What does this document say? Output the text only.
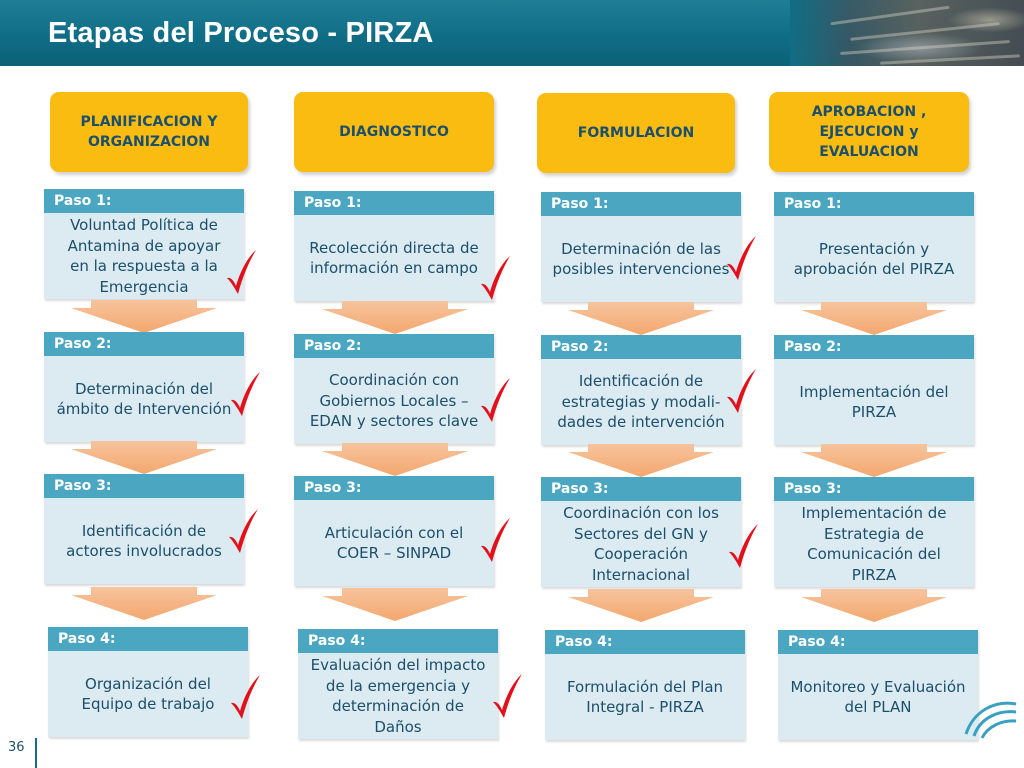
Etapas del Proceso - PIRZA
PLANIFICACION Y
ORGANIZACION
DIAGNOSTICO	FORMULACION
APROBACION ,
EJECUCION y
EVALUACION
Paso 1:
Voluntad Política de
Antamina de apoyar
en la respuesta a la
Emergencia
Paso 2:
Determinación del
ámbito de Intervención
Paso 3:
Identificación de
actores involucrados
Paso 4:
Organización del
Equipo de trabajo
Paso 1:
Recolección directa de
información en campo
Paso 2:
Coordinación con
Gobiernos Locales –
EDAN y sectores clave
Paso 3:
Articulación con el
COER – SINPAD
Paso 4:
Evaluación del impacto
de la emergencia y
determinación de
Daños
Paso 1:
Determinación de las
posibles intervenciones
Paso 2:
Identificación de
estrategias y modali-
dades de intervención
Paso 3:
Coordinación con los
Sectores del GN y
Cooperación
Internacional
Paso 4:
Formulación del Plan
Integral - PIRZA
Paso 1:
Presentación y
aprobación del PIRZA
Paso 2:
Implementación del
PIRZA
Paso 3:
Implementación de
Estrategia de
Comunicación del
PIRZA
Paso 4:
Monitoreo y Evaluación
del PLAN
36
